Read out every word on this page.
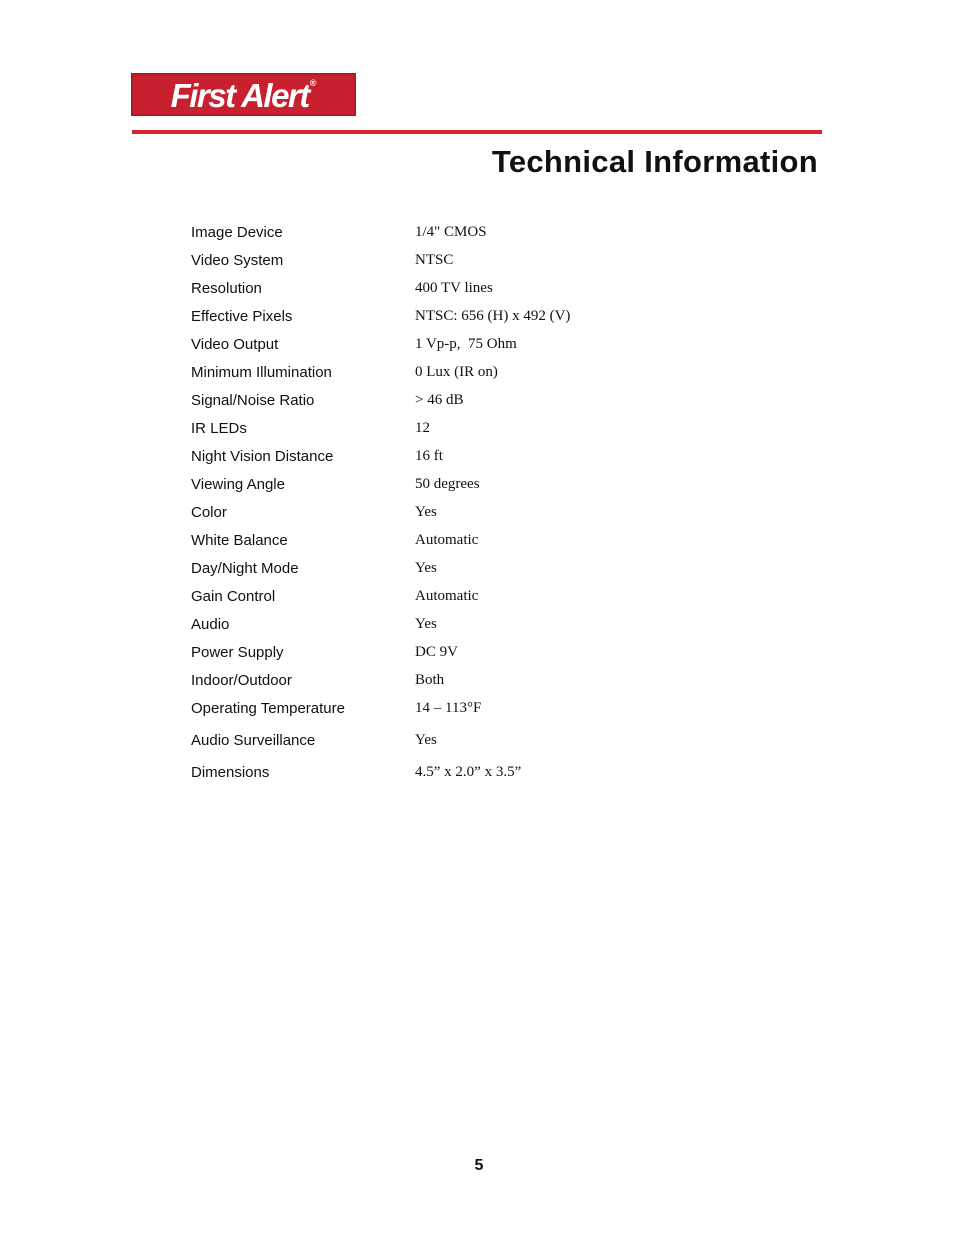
First Alert®
Technical Information
Image Device	1/4" CMOS
Video System	NTSC
Resolution	400 TV lines
Effective Pixels	NTSC: 656 (H) x 492 (V)
Video Output	1 Vp-p,  75 Ohm
Minimum Illumination	0 Lux (IR on)
Signal/Noise Ratio	> 46 dB
IR LEDs	12
Night Vision Distance	16 ft
Viewing Angle	50 degrees
Color	Yes
White Balance	Automatic
Day/Night Mode	Yes
Gain Control	Automatic
Audio	Yes
Power Supply	DC 9V
Indoor/Outdoor	Both
Operating Temperature	14 – 113°F
Audio Surveillance	Yes
Dimensions	4.5” x 2.0” x 3.5”
5
